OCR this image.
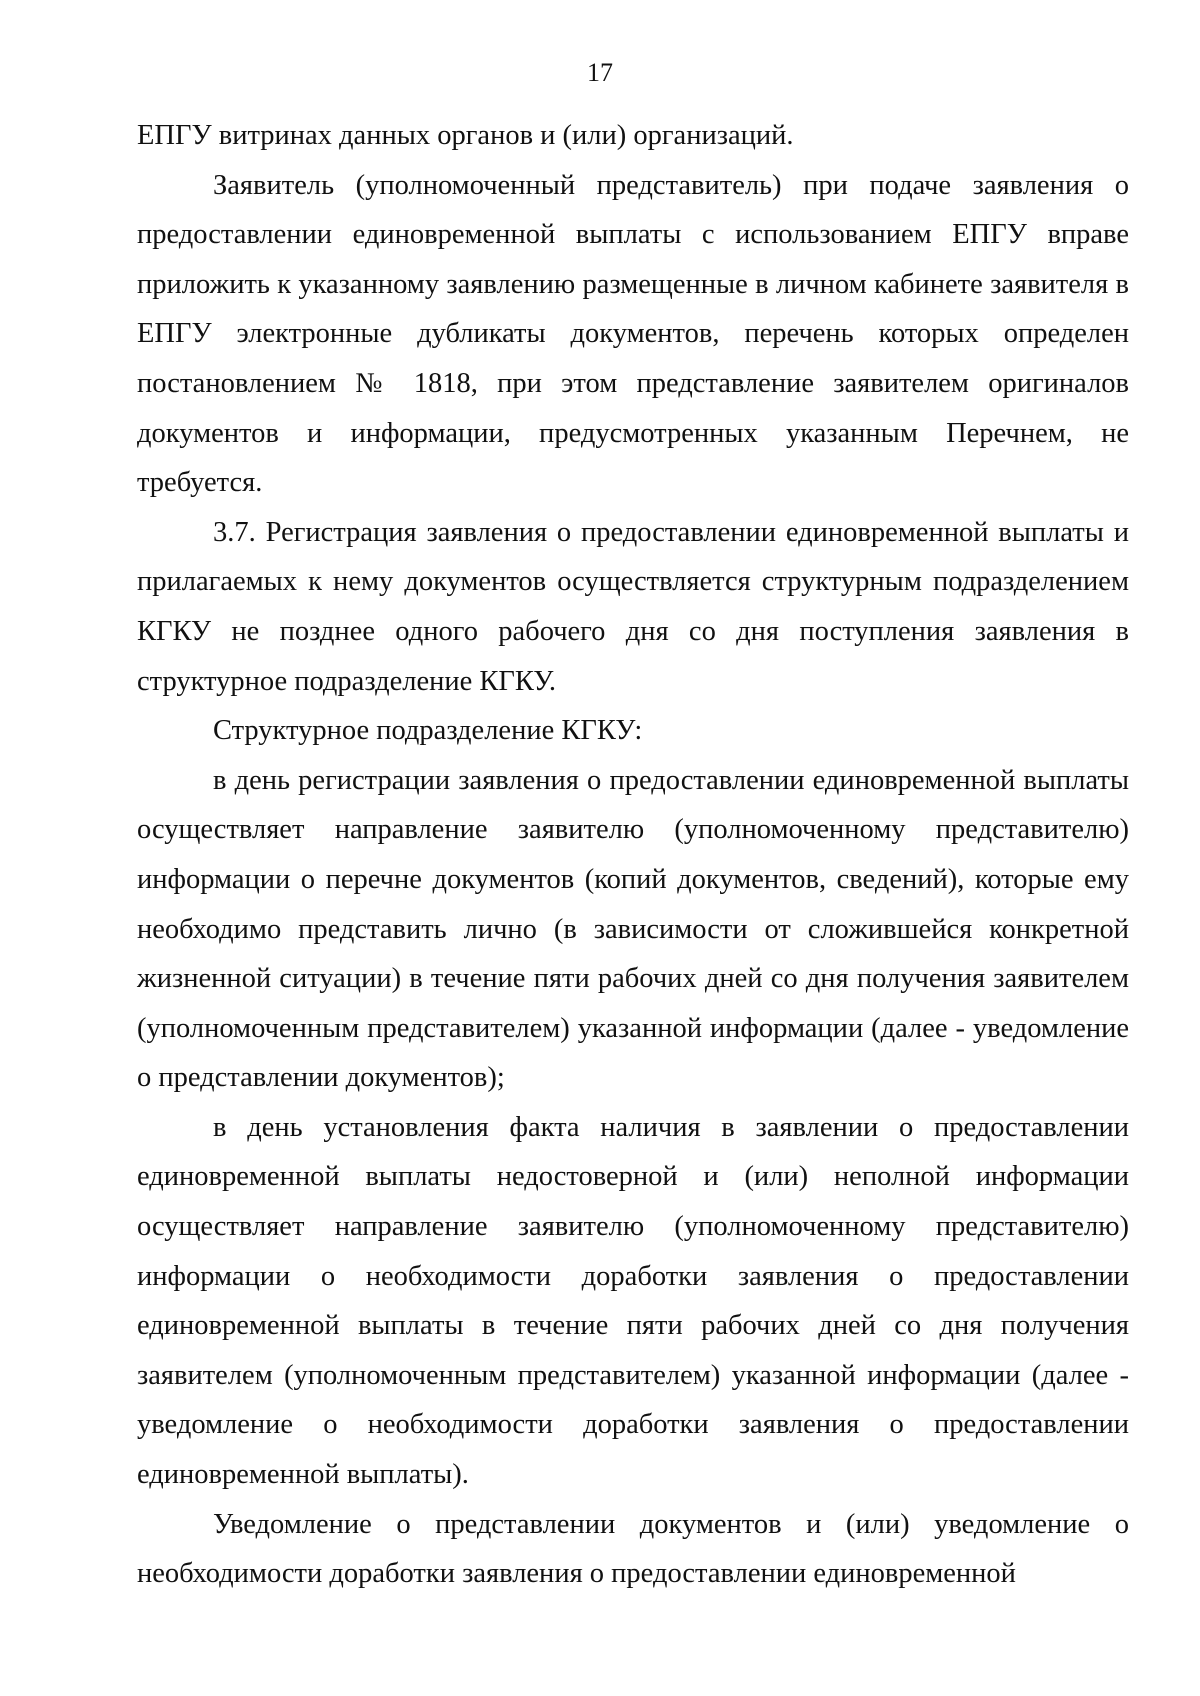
17

ЕПГУ витринах данных органов и (или) организаций.

Заявитель (уполномоченный представитель) при подаче заявления о предоставлении единовременной выплаты с использованием ЕПГУ вправе приложить к указанному заявлению размещенные в личном кабинете заявителя в ЕПГУ электронные дубликаты документов, перечень которых определен постановлением № 1818, при этом представление заявителем оригиналов документов и информации, предусмотренных указанным Перечнем, не требуется.

3.7. Регистрация заявления о предоставлении единовременной выплаты и прилагаемых к нему документов осуществляется структурным подразделением КГКУ не позднее одного рабочего дня со дня поступления заявления в структурное подразделение КГКУ.

Структурное подразделение КГКУ:

в день регистрации заявления о предоставлении единовременной выплаты осуществляет направление заявителю (уполномоченному представителю) информации о перечне документов (копий документов, сведений), которые ему необходимо представить лично (в зависимости от сложившейся конкретной жизненной ситуации) в течение пяти рабочих дней со дня получения заявителем (уполномоченным представителем) указанной информации (далее - уведомление о представлении документов);

в день установления факта наличия в заявлении о предоставлении единовременной выплаты недостоверной и (или) неполной информации осуществляет направление заявителю (уполномоченному представителю) информации о необходимости доработки заявления о предоставлении единовременной выплаты в течение пяти рабочих дней со дня получения заявителем (уполномоченным представителем) указанной информации (далее - уведомление о необходимости доработки заявления о предоставлении единовременной выплаты).

Уведомление о представлении документов и (или) уведомление о необходимости доработки заявления о предоставлении единовременной
